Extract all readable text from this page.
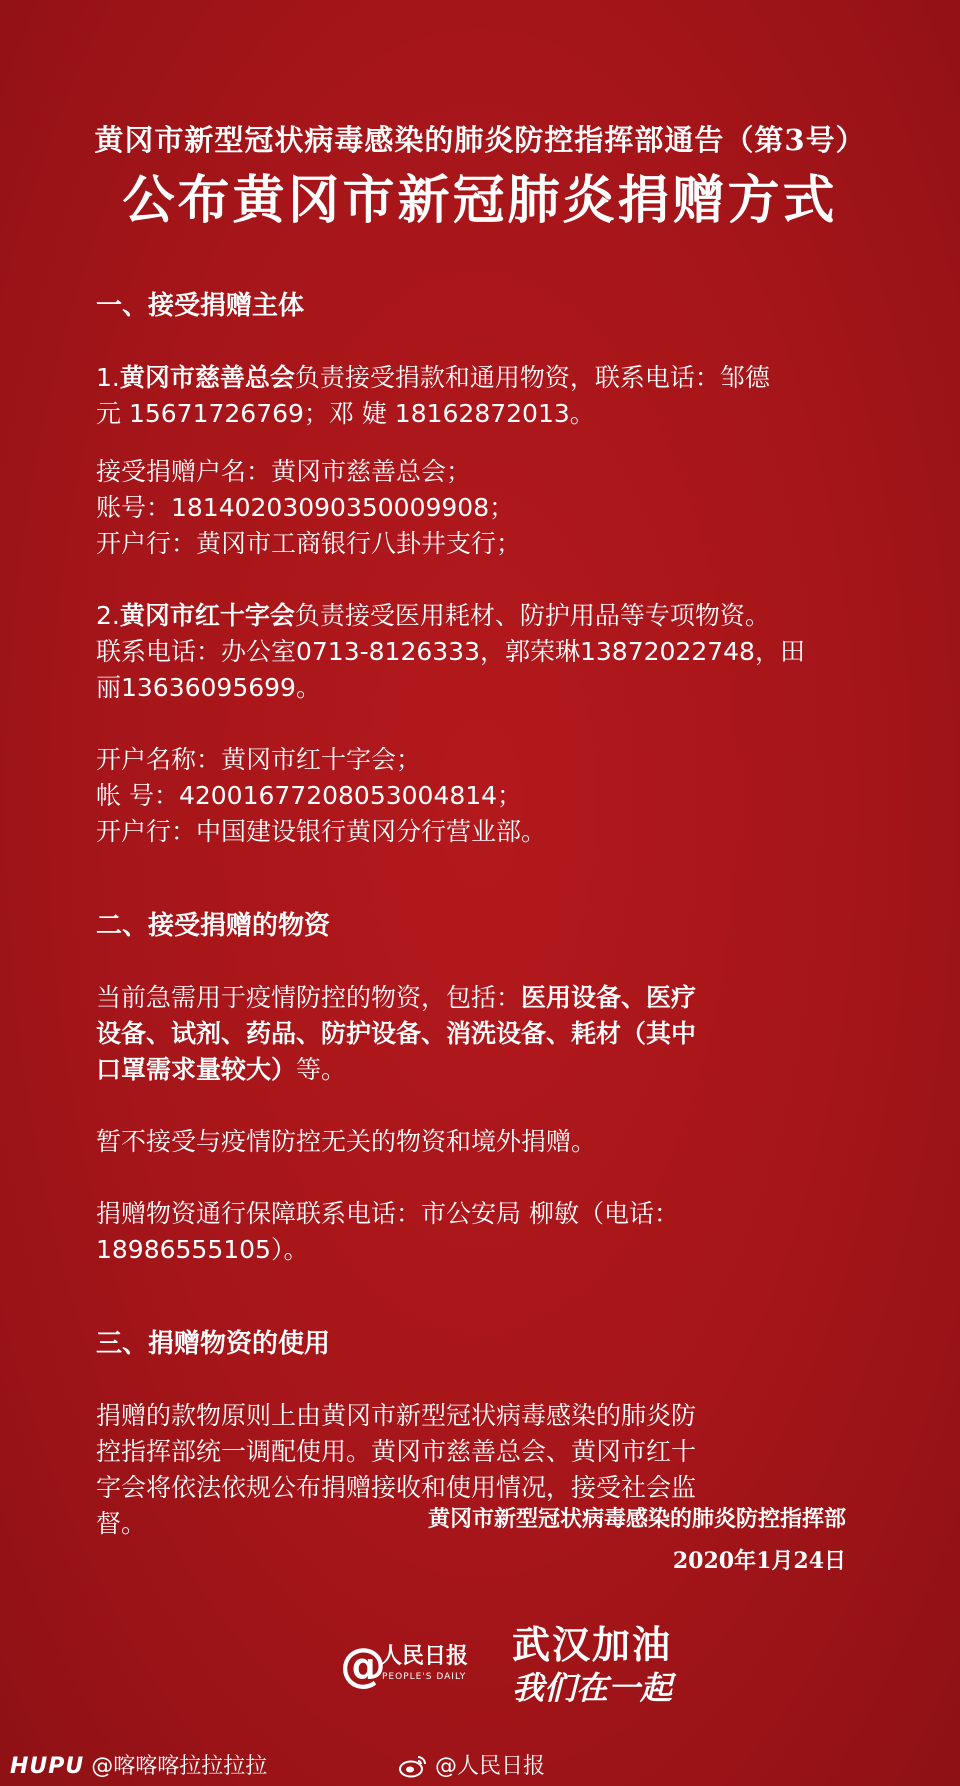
黄冈市新型冠状病毒感染的肺炎防控指挥部通告（第3号）
公布黄冈市新冠肺炎捐赠方式

一、接受捐赠主体

1.黄冈市慈善总会负责接受捐款和通用物资，联系电话：邹德

元 15671726769；邓 婕 18162872013。

接受捐赠户名：黄冈市慈善总会；

账号：18140203090350009908；

开户行：黄冈市工商银行八卦井支行；

2.黄冈市红十字会负责接受医用耗材、防护用品等专项物资。

联系电话：办公室0713-8126333，郭荣琳13872022748，田

丽13636095699。

开户名称：黄冈市红十字会；

帐 号：42001677208053004814；

开户行：中国建设银行黄冈分行营业部。

二、接受捐赠的物资

当前急需用于疫情防控的物资，包括：医用设备、医疗

设备、试剂、药品、防护设备、消洗设备、耗材（其中

口罩需求量较大）等。

暂不接受与疫情防控无关的物资和境外捐赠。

捐赠物资通行保障联系电话：市公安局 柳敏（电话：

18986555105）。

三、捐赠物资的使用

捐赠的款物原则上由黄冈市新型冠状病毒感染的肺炎防

控指挥部统一调配使用。黄冈市慈善总会、黄冈市红十

字会将依法依规公布捐赠接收和使用情况，接受社会监

督。	黄冈市新型冠状病毒感染的肺炎防控指挥部
2020年1月24日
@
人民日报
PEOPLE'S DAILY
武汉加油
我们在一起
HUPU @喀喀喀拉拉拉拉	@人民日报
